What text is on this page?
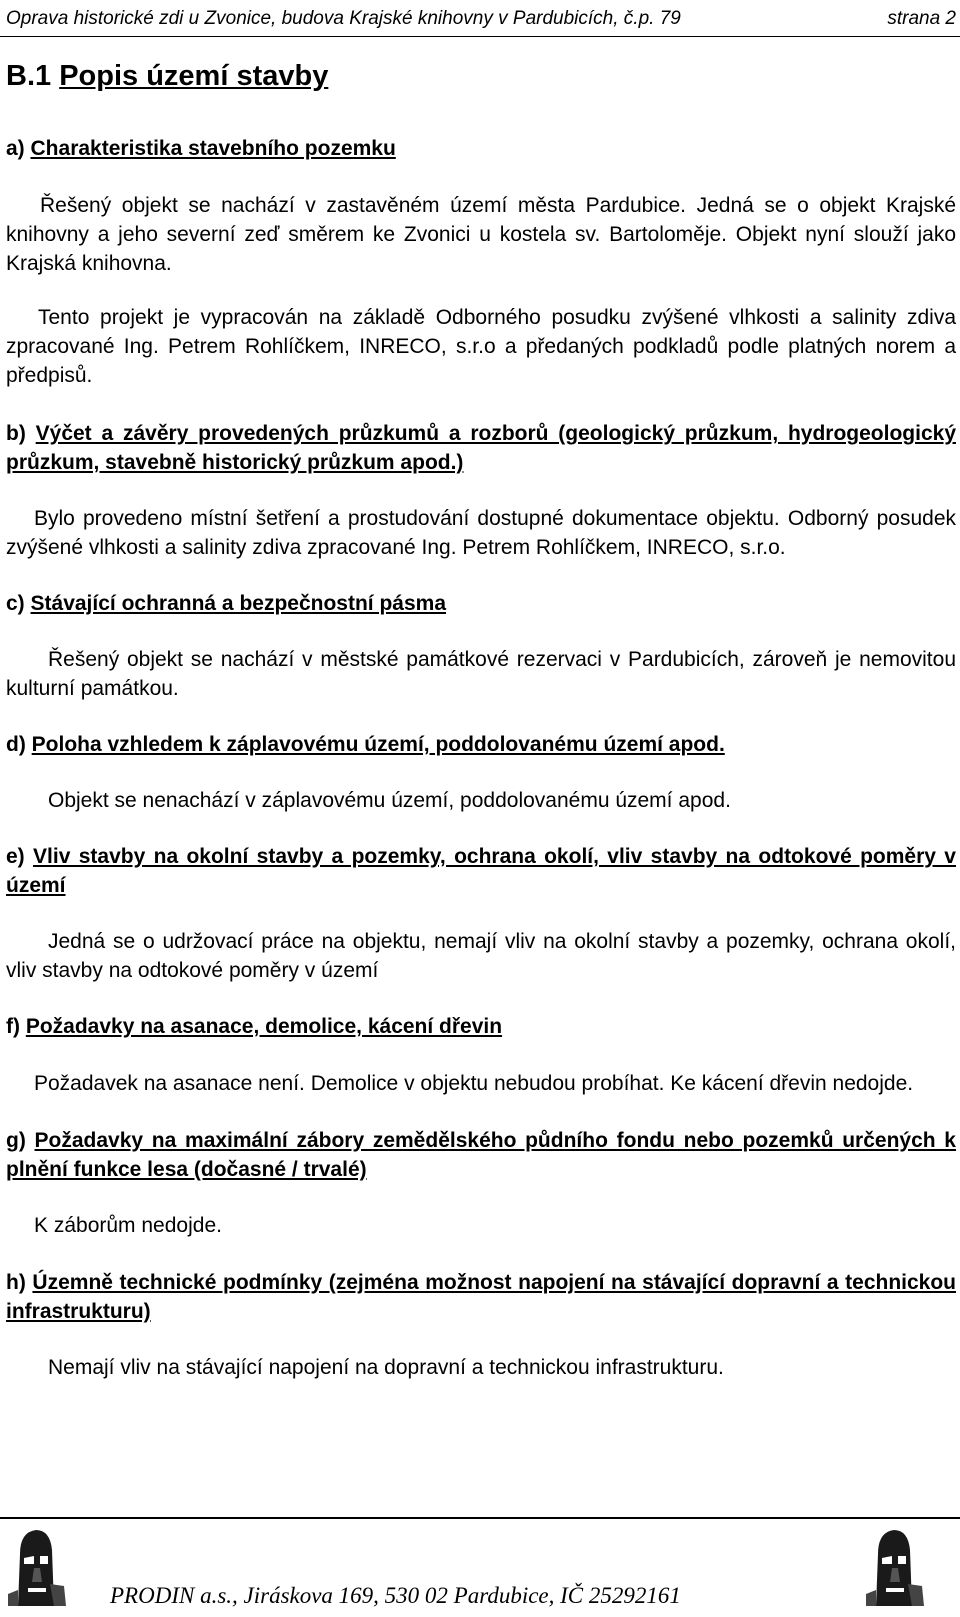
Oprava historické zdi u Zvonice, budova Krajské knihovny v Pardubicích, č.p. 79	strana 2
B.1 Popis území stavby
a) Charakteristika stavebního pozemku

Řešený objekt se nachází v zastavěném území města Pardubice. Jedná se o objekt Krajské knihovny a jeho severní zeď směrem ke Zvonici u kostela sv. Bartoloměje. Objekt nyní slouží jako Krajská knihovna.

Tento projekt je vypracován na základě Odborného posudku zvýšené vlhkosti a salinity zdiva zpracované Ing. Petrem Rohlíčkem, INRECO, s.r.o a předaných podkladů podle platných norem a předpisů.

b) Výčet a závěry provedených průzkumů a rozborů (geologický průzkum, hydrogeologický průzkum, stavebně historický průzkum apod.)

Bylo provedeno místní šetření a prostudování dostupné dokumentace objektu. Odborný posudek zvýšené vlhkosti a salinity zdiva zpracované Ing. Petrem Rohlíčkem, INRECO, s.r.o.

c) Stávající ochranná a bezpečnostní pásma

Řešený objekt se nachází v městské památkové rezervaci v Pardubicích, zároveň je nemovitou kulturní památkou.

d) Poloha vzhledem k záplavovému území, poddolovanému území apod.

Objekt se nenachází v záplavovému území, poddolovanému území apod.

e) Vliv stavby na okolní stavby a pozemky, ochrana okolí, vliv stavby na odtokové poměry v území

Jedná se o udržovací práce na objektu, nemají vliv na okolní stavby a pozemky, ochrana okolí, vliv stavby na odtokové poměry v území

f) Požadavky na asanace, demolice, kácení dřevin

Požadavek na asanace není. Demolice v objektu nebudou probíhat. Ke kácení dřevin nedojde.

g) Požadavky na maximální zábory zemědělského půdního fondu nebo pozemků určených k plnění funkce lesa (dočasné / trvalé)

K záborům nedojde.

h) Územně technické podmínky (zejména možnost napojení na stávající dopravní a technickou infrastrukturu)

Nemají vliv na stávající napojení na dopravní a technickou infrastrukturu.

PRODIN a.s., Jiráskova 169, 530 02 Pardubice, IČ 25292161
